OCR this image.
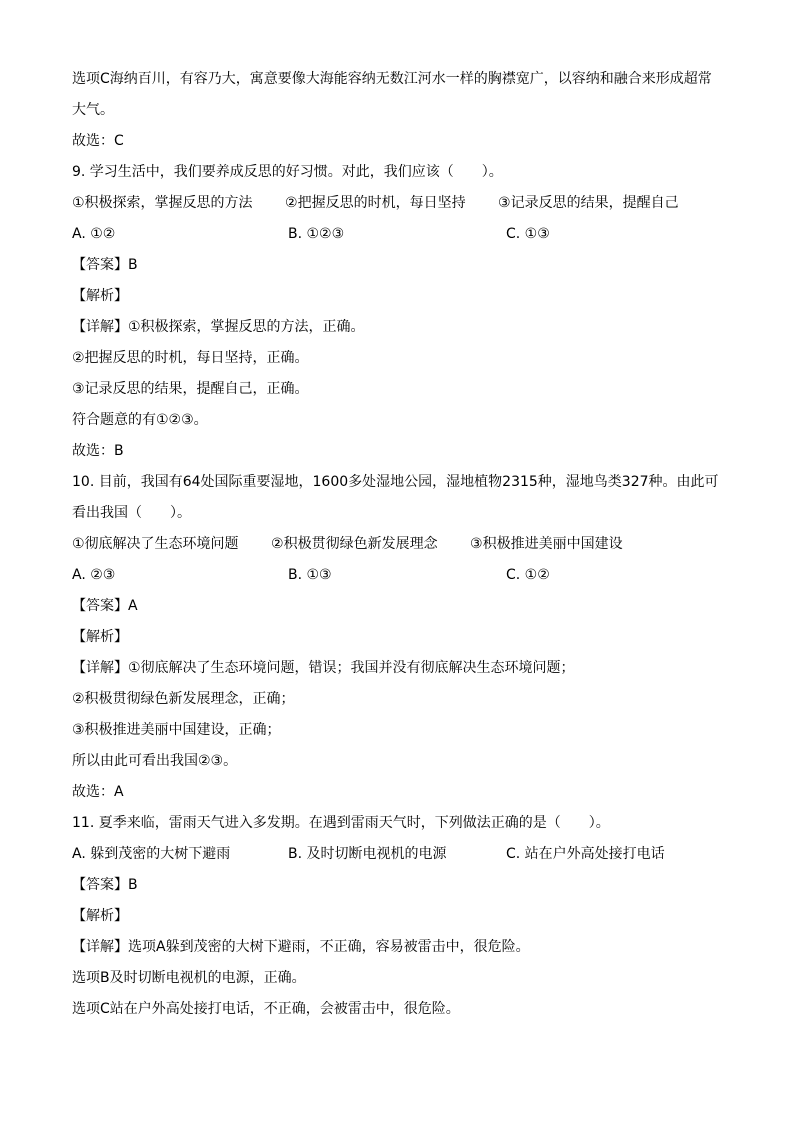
选项C海纳百川，有容乃大，寓意要像大海能容纳无数江河水一样的胸襟宽广，以容纳和融合来形成超常
大气。
故选：C
9. 学习生活中，我们要养成反思的好习惯。对此，我们应该（　　）。
①积极探索，掌握反思的方法 ②把握反思的时机，每日坚持 ③记录反思的结果，提醒自己
A. ①②	B. ①②③	C. ①③
【答案】B
【解析】
【详解】①积极探索，掌握反思的方法，正确。
②把握反思的时机，每日坚持，正确。
③记录反思的结果，提醒自己，正确。
符合题意的有①②③。
故选：B
10. 目前，我国有64处国际重要湿地，1600多处湿地公园，湿地植物2315种，湿地鸟类327种。由此可
看出我国（　　）。
①彻底解决了生态环境问题 ②积极贯彻绿色新发展理念 ③积极推进美丽中国建设
A. ②③	B. ①③	C. ①②
【答案】A
【解析】
【详解】①彻底解决了生态环境问题，错误；我国并没有彻底解决生态环境问题；
②积极贯彻绿色新发展理念，正确；
③积极推进美丽中国建设，正确；
所以由此可看出我国②③。
故选：A
11. 夏季来临，雷雨天气进入多发期。在遇到雷雨天气时，下列做法正确的是（　　）。
A. 躲到茂密的大树下避雨	B. 及时切断电视机的电源	C. 站在户外高处接打电话
【答案】B
【解析】
【详解】选项A躲到茂密的大树下避雨，不正确，容易被雷击中，很危险。
选项B及时切断电视机的电源，正确。
选项C站在户外高处接打电话，不正确，会被雷击中，很危险。
